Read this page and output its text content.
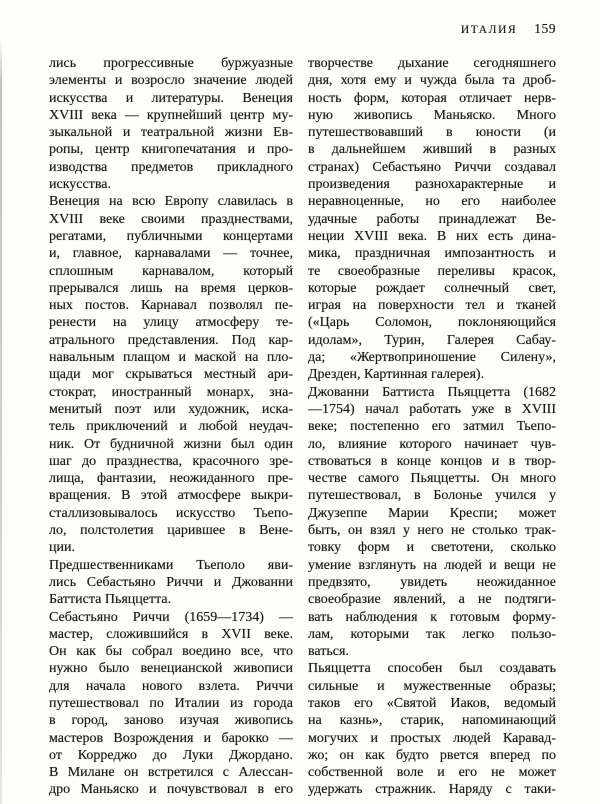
ИТАЛИЯ 159
лись прогрессивные буржуазные
элементы и возросло значение людей
искусства и литературы. Венеция
XVIII века — крупнейший центр му-
зыкальной и театральной жизни Ев-
ропы, центр книгопечатания и про-
изводства предметов прикладного
искусства.
Венеция на всю Европу славилась в
XVIII веке своими празднествами,
регатами, публичными концертами
и, главное, карнавалами — точнее,
сплошным карнавалом, который
прерывался лишь на время церков-
ных постов. Карнавал позволял пе-
ренести на улицу атмосферу те-
атрального представления. Под кар-
навальным плащом и маской на пло-
щади мог скрываться местный ари-
стократ, иностранный монарх, зна-
менитый поэт или художник, иска-
тель приключений и любой неудач-
ник. От будничной жизни был один
шаг до празднества, красочного зре-
лища, фантазии, неожиданного пре-
вращения. В этой атмосфере выкри-
сталлизовывалось искусство Тьепо-
ло, полстолетия царившее в Вене-
ции.
Предшественниками Тьеполо яви-
лись Себастьяно Риччи и Джованни
Баттиста Пьяццетта.
Себастьяно Риччи (1659—1734) —
мастер, сложившийся в XVII веке.
Он как бы собрал воедино все, что
нужно было венецианской живописи
для начала нового взлета. Риччи
путешествовал по Италии из города
в город, заново изучая живопись
мастеров Возрождения и барокко —
от Корреджо до Луки Джордано.
В Милане он встретился с Алессан-
дро Маньяско и почувствовал в его
творчестве дыхание сегодняшнего
дня, хотя ему и чужда была та дроб-
ность форм, которая отличает нерв-
ную живопись Маньяско. Много
путешествовавший в юности (и
в дальнейшем живший в разных
странах) Себастьяно Риччи создавал
произведения разнохарактерные и
неравноценные, но его наиболее
удачные работы принадлежат Ве-
неции XVIII века. В них есть дина-
мика, праздничная импозантность и
те своеобразные переливы красок,
которые рождает солнечный свет,
играя на поверхности тел и тканей
(«Царь Соломон, поклоняющийся
идолам», Турин, Галерея Сабау-
да; «Жертвоприношение Силену»,
Дрезден, Картинная галерея).
Джованни Баттиста Пьяццетта (1682
—1754) начал работать уже в XVIII
веке; постепенно его затмил Тьепо-
ло, влияние которого начинает чув-
ствоваться в конце концов и в твор-
честве самого Пьяццетты. Он много
путешествовал, в Болонье учился у
Джузеппе Марии Креспи; может
быть, он взял у него не столько трак-
товку форм и светотени, сколько
умение взглянуть на людей и вещи не
предвзято, увидеть неожиданное
своеобразие явлений, а не подтяги-
вать наблюдения к готовым форму-
лам, которыми так легко пользо-
ваться.
Пьяццетта способен был создавать
сильные и мужественные образы;
таков его «Святой Иаков, ведомый
на казнь», старик, напоминающий
могучих и простых людей Каравад-
жо; он как будто рвется вперед по
собственной воле и его не может
удержать стражник. Наряду с таки-
